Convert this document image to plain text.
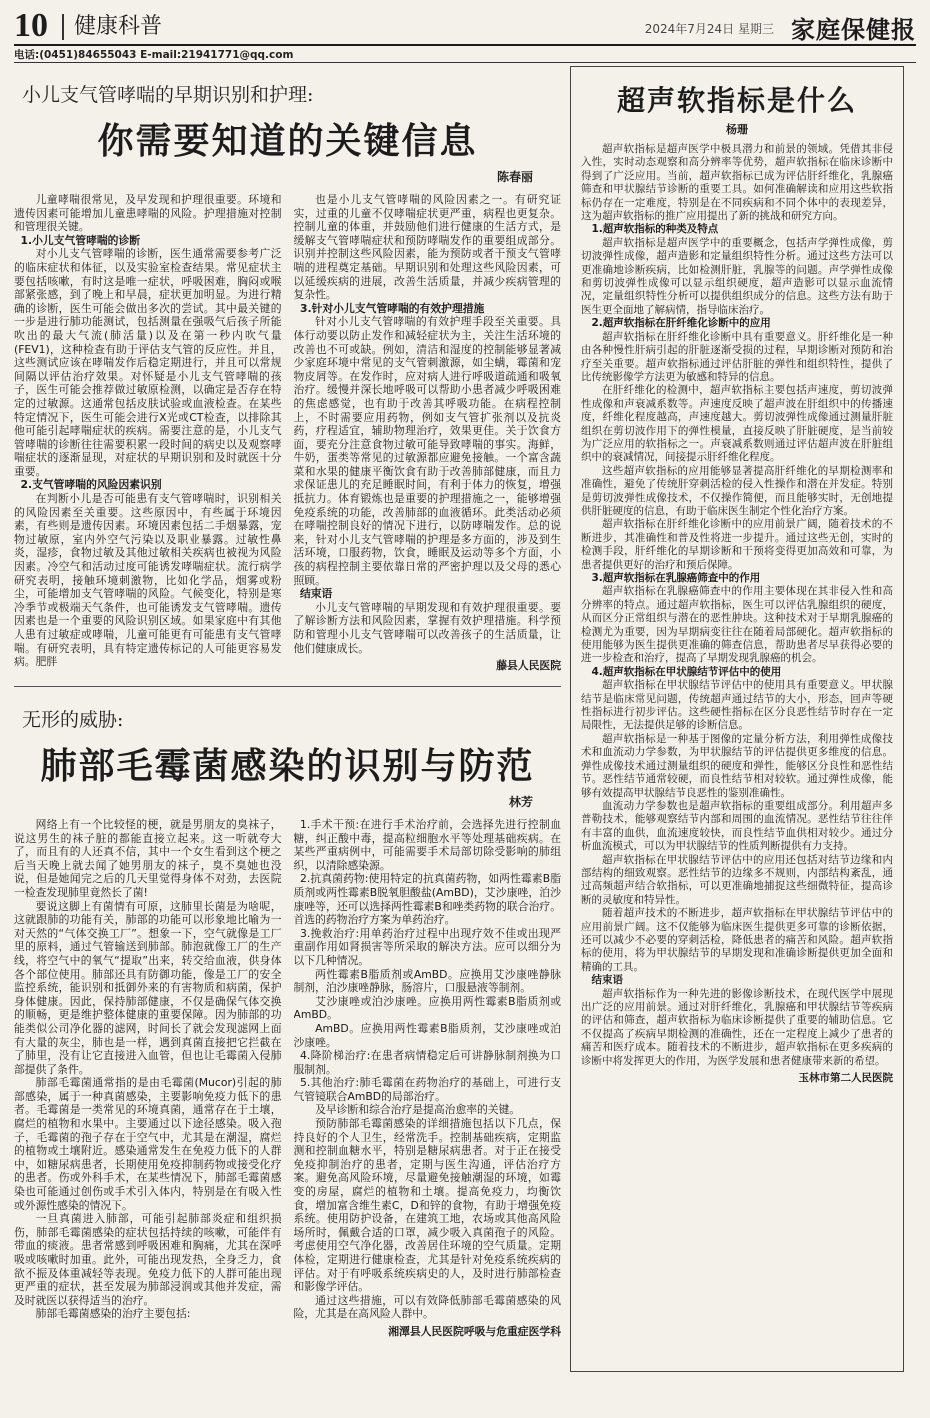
10 健康科普	2024年7月24日 星期三 家庭保健报
电话:(0451)84655043 E-mail:21941771@qq.com
小儿支气管哮喘的早期识别和护理:
你需要知道的关键信息
陈春丽

儿童哮喘很常见，及早发现和护理很重要。环境和遗传因素可能增加儿童患哮喘的风险。护理措施对控制和管理很关键。

1.小儿支气管哮喘的诊断

对小儿支气管哮喘的诊断，医生通常需要参考广泛的临床症状和体征，以及实验室检查结果。常见症状主要包括咳嗽，有时这是唯一症状，呼吸困难，胸闷或喉部紧张感，到了晚上和早晨，症状更加明显。为进行精确的诊断，医生可能会做出多次的尝试。其中最关键的一步是进行肺功能测试，包括测量在强吸气后孩子所能吹出的最大气流(肺活量)以及在第一秒内吹气量(FEV1)，这种检查有助于评估支气管的反应性。并且，这些测试应该在哮喘发作后稳定期进行，并且可以常规间隔以评估治疗效果。对怀疑是小儿支气管哮喘的孩子，医生可能会推荐做过敏原检测，以确定是否存在特定的过敏源。这通常包括皮肤试验或血液检查。在某些特定情况下，医生可能会进行X光或CT检查，以排除其他可能引起哮喘症状的疾病。需要注意的是，小儿支气管哮喘的诊断往往需要积累一段时间的病史以及观察哮喘症状的逐渐显现，对症状的早期识别和及时就医十分重要。

2.支气管哮喘的风险因素识别

在判断小儿是否可能患有支气管哮喘时，识别相关的风险因素至关重要。这些原因中，有些属于环境因素，有些则是遗传因素。环境因素包括二手烟暴露，宠物过敏原，室内外空气污染以及职业暴露。过敏性鼻炎，湿疹，食物过敏及其他过敏相关疾病也被视为风险因素。冷空气和活动过度可能诱发哮喘症状。流行病学研究表明，接触环境刺激物，比如化学品，烟雾或粉尘，可能增加支气管哮喘的风险。气候变化，特别是寒冷季节或极端天气条件，也可能诱发支气管哮喘。遗传因素也是一个重要的风险识别区域。如果家庭中有其他人患有过敏症或哮喘，儿童可能更有可能患有支气管哮喘。有研究表明，具有特定遗传标记的人可能更容易发病。肥胖

也是小儿支气管哮喘的风险因素之一。有研究证实，过重的儿童不仅哮喘症状更严重，病程也更复杂。控制儿童的体重，并鼓励他们进行健康的生活方式，是缓解支气管哮喘症状和预防哮喘发作的重要组成部分。识别并控制这些风险因素，能为预防或者干预支气管哮喘的进程奠定基础。早期识别和处理这些风险因素，可以延缓疾病的进展，改善生活质量，并减少疾病管理的复杂性。

3.针对小儿支气管哮喘的有效护理措施

针对小儿支气管哮喘的有效护理手段至关重要。具体行动要以防止发作和减轻症状为主，关注生活环境的改善也不可或缺。例如，清洁和湿度的控制能够显著减少家庭环境中常见的支气管刺激源，如尘螨，霉菌和宠物皮屑等。在发作时，应对病人进行呼吸道疏通和吸氧治疗。缓慢并深长地呼吸可以帮助小患者减少呼吸困难的焦虑感觉，也有助于改善其呼吸功能。在病程控制上，不时需要应用药物，例如支气管扩张剂以及抗炎药，疗程适宜，辅助物理治疗，效果更佳。关于饮食方面，要充分注意食物过敏可能导致哮喘的事实。海鲜，牛奶，蛋类等常见的过敏源都应避免接触。一个富含蔬菜和水果的健康平衡饮食有助于改善肺部健康，而且力求保证患儿的充足睡眠时间，有利于体力的恢复，增强抵抗力。体育锻炼也是重要的护理措施之一，能够增强免疫系统的功能，改善肺部的血液循环。此类活动必须在哮喘控制良好的情况下进行，以防哮喘发作。总的说来，针对小儿支气管哮喘的护理是多方面的，涉及到生活环境，口服药物，饮食，睡眠及运动等多个方面，小孩的病程控制主要依靠日常的严密护理以及父母的悉心照顾。

结束语

小儿支气管哮喘的早期发现和有效护理很重要。要了解诊断方法和风险因素，掌握有效护理措施。科学预防和管理小儿支气管哮喘可以改善孩子的生活质量，让他们健康成长。

藤县人民医院

无形的威胁:
肺部毛霉菌感染的识别与防范
林芳

网络上有一个比较怪的梗，就是男朋友的臭袜子，说这男生的袜子脏的都能直接立起来。这一听就夸大了，而且有的人还真不信，其中一个女生看到这个梗之后当天晚上就去闻了她男朋友的袜子，臭不臭她也没说，但是她闻完之后的几天里觉得身体不对劲，去医院一检查发现肺里竟然长了菌!

要说这脚上有菌情有可原，这肺里长菌是为啥呢，这就跟肺的功能有关，肺部的功能可以形象地比喻为一对天然的“气体交换工厂”。想象一下，空气就像是工厂里的原料，通过气管输送到肺部。肺泡就像工厂的生产线，将空气中的氧气“提取”出来，转交给血液，供身体各个部位使用。肺部还具有防御功能，像是工厂的安全监控系统，能识别和抵御外来的有害物质和病菌，保护身体健康。因此，保持肺部健康，不仅是确保气体交换的顺畅，更是维护整体健康的重要保障。因为肺部的功能类似公司净化器的滤网，时间长了就会发现滤网上面有大量的灰尘，肺也是一样，遇到真菌直接把它拦截在了肺里，没有让它直接进入血管，但也让毛霉菌入侵肺部提供了条件。

肺部毛霉菌通常指的是由毛霉菌(Mucor)引起的肺部感染，属于一种真菌感染，主要影响免疫力低下的患者。毛霉菌是一类常见的环境真菌，通常存在于土壤，腐烂的植物和水果中。主要通过以下途径感染。吸入孢子，毛霉菌的孢子存在于空气中，尤其是在潮湿，腐烂的植物或土壤附近。感染通常发生在免疫力低下的人群中，如糖尿病患者，长期使用免疫抑制药物或接受化疗的患者。伤或外科手术，在某些情况下，肺部毛霉菌感染也可能通过创伤或手术引入体内，特别是在有吸入性或外源性感染的情况下。

一旦真菌进入肺部，可能引起肺部炎症和组织损伤，肺部毛霉菌感染的症状包括持续的咳嗽，可能伴有带血的痰液。患者常感到呼吸困难和胸痛，尤其在深呼吸或咳嗽时加重。此外，可能出现发热，全身乏力，食欲不振及体重减轻等表现。免疫力低下的人群可能出现更严重的症状，甚至发展为肺部浸润或其他并发症，需及时就医以获得适当的治疗。

肺部毛霉菌感染的治疗主要包括:

1.手术干预:在进行手术治疗前，会选择先进行控制血糖，纠正酸中毒，提高粒细胞水平等处理基础疾病。在某些严重病例中，可能需要手术局部切除受影响的肺组织，以清除感染源。

2.抗真菌药物:使用特定的抗真菌药物，如两性霉素B脂质剂或两性霉素B脱氧胆酸盐(AmBD)，艾沙康唑，泊沙康唑等，还可以选择两性霉素B和唑类药物的联合治疗。首选的药物治疗方案为单药治疗。

3.挽救治疗:用单药治疗过程中出现疗效不佳或出现严重副作用如肾损害等所采取的解决方法。应可以细分为以下几种情况。

两性霉素B脂质剂或AmBD。应换用艾沙康唑静脉制剂，泊沙康唑静脉，肠溶片，口服悬液等制剂。

艾沙康唑或泊沙康唑。应换用两性霉素B脂质剂或AmBD。

AmBD。应换用两性霉素B脂质剂，艾沙康唑或泊沙康唑。

4.降阶梯治疗:在患者病情稳定后可讲静脉制剂换为口服制剂。

5.其他治疗:肺毛霉菌在药物治疗的基础上，可进行支气管镜联合AmBD的局部治疗。

及早诊断和综合治疗是提高治愈率的关键。

预防肺部毛霉菌感染的详细措施包括以下几点，保持良好的个人卫生，经常洗手。控制基础疾病，定期监测和控制血糖水平，特别是糖尿病患者。对于正在接受免疫抑制治疗的患者，定期与医生沟通，评估治疗方案。避免高风险环境，尽量避免接触潮湿的环境，如霉变的房屋，腐烂的植物和土壤。提高免疫力，均衡饮食，增加富含维生素C，D和锌的食物，有助于增强免疫系统。使用防护设备，在建筑工地，农场或其他高风险场所时，佩戴合适的口罩，减少吸入真菌孢子的风险。考虑使用空气净化器，改善居住环境的空气质量。定期体检，定期进行健康检查，尤其是针对免疫系统疾病的评估。对于有呼吸系统疾病史的人，及时进行肺部检查和影像学评估。

通过这些措施，可以有效降低肺部毛霉菌感染的风险，尤其是在高风险人群中。

湘潭县人民医院呼吸与危重症医学科

超声软指标是什么
杨珊

超声软指标是超声医学中极具潜力和前景的领域。凭借其非侵入性，实时动态观察和高分辨率等优势，超声软指标在临床诊断中得到了广泛应用。当前，超声软指标已成为评估肝纤维化，乳腺癌筛查和甲状腺结节诊断的重要工具。如何准确解读和应用这些软指标仍存在一定难度，特别是在不同疾病和不同个体中的表现差异，这为超声软指标的推广应用提出了新的挑战和研究方向。

1.超声软指标的种类及特点

超声软指标是超声医学中的重要概念，包括声学弹性成像，剪切波弹性成像，超声造影和定量组织特性分析。通过这些方法可以更准确地诊断疾病，比如检测肝脏，乳腺等的问题。声学弹性成像和剪切波弹性成像可以显示组织硬度，超声造影可以显示血流情况，定量组织特性分析可以提供组织成分的信息。这些方法有助于医生更全面地了解病情，指导临床治疗。

2.超声软指标在肝纤维化诊断中的应用

超声软指标在肝纤维化诊断中具有重要意义。肝纤维化是一种由各种慢性肝病引起的肝脏逐渐受损的过程，早期诊断对预防和治疗至关重要。超声软指标通过评估肝脏的弹性和组织特性，提供了比传统影像学方法更为敏感和特异的信息。

在肝纤维化的检测中，超声软指标主要包括声速度，剪切波弹性成像和声衰减系数等。声速度反映了超声波在肝组织中的传播速度，纤维化程度越高，声速度越大。剪切波弹性成像通过测量肝脏组织在剪切波作用下的弹性模量，直接反映了肝脏硬度，是当前较为广泛应用的软指标之一。声衰减系数则通过评估超声波在肝脏组织中的衰减情况，间接提示肝纤维化程度。

这些超声软指标的应用能够显著提高肝纤维化的早期检测率和准确性，避免了传统肝穿刺活检的侵入性操作和潜在并发症。特别是剪切波弹性成像技术，不仅操作简便，而且能够实时，无创地提供肝脏硬度的信息，有助于临床医生制定个性化治疗方案。

超声软指标在肝纤维化诊断中的应用前景广阔，随着技术的不断进步，其准确性和普及性将进一步提升。通过这些无创，实时的检测手段，肝纤维化的早期诊断和干预将变得更加高效和可靠，为患者提供更好的治疗和预后保障。

3.超声软指标在乳腺癌筛查中的作用

超声软指标在乳腺癌筛查中的作用主要体现在其非侵入性和高分辨率的特点。通过超声软指标，医生可以评估乳腺组织的硬度，从而区分正常组织与潜在的恶性肿块。这种技术对于早期乳腺癌的检测尤为重要，因为早期病变往往在随着局部硬化。超声软指标的使用能够为医生提供更准确的筛查信息，帮助患者尽早获得必要的进一步检查和治疗，提高了早期发现乳腺癌的机会。

4.超声软指标在甲状腺结节评估中的使用

超声软指标在甲状腺结节评估中的使用具有重要意义。甲状腺结节是临床常见问题，传统超声通过结节的大小，形态，回声等硬性指标进行初步评估。这些硬性指标在区分良恶性结节时存在一定局限性，无法提供足够的诊断信息。

超声软指标是一种基于图像的定量分析方法，利用弹性成像技术和血流动力学参数，为甲状腺结节的评估提供更多维度的信息。弹性成像技术通过测量组织的硬度和弹性，能够区分良性和恶性结节。恶性结节通常较硬，而良性结节相对较软。通过弹性成像，能够有效提高甲状腺结节良恶性的鉴别准确性。

血流动力学参数也是超声软指标的重要组成部分。利用超声多普勒技术，能够观察结节内部和周围的血流情况。恶性结节往往伴有丰富的血供，血流速度较快，而良性结节血供相对较少。通过分析血流模式，可以为甲状腺结节的性质判断提供有力支持。

超声软指标在甲状腺结节评估中的应用还包括对结节边缘和内部结构的细致观察。恶性结节的边缘多不规则，内部结构紊乱，通过高频超声结合软指标，可以更准确地捕捉这些细微特征，提高诊断的灵敏度和特异性。

随着超声技术的不断进步，超声软指标在甲状腺结节评估中的应用前景广阔。这不仅能够为临床医生提供更多可靠的诊断依据，还可以减少不必要的穿刺活检，降低患者的痛苦和风险。超声软指标的使用，将为甲状腺结节的早期发现和准确诊断提供更加全面和精确的工具。

结束语

超声软指标作为一种先进的影像诊断技术，在现代医学中展现出广泛的应用前景。通过对肝纤维化，乳腺癌和甲状腺结节等疾病的评估和筛查，超声软指标为临床诊断提供了重要的辅助信息。它不仅提高了疾病早期检测的准确性，还在一定程度上减少了患者的痛苦和医疗成本。随着技术的不断进步，超声软指标在更多疾病的诊断中将发挥更大的作用，为医学发展和患者健康带来新的希望。

玉林市第二人民医院
